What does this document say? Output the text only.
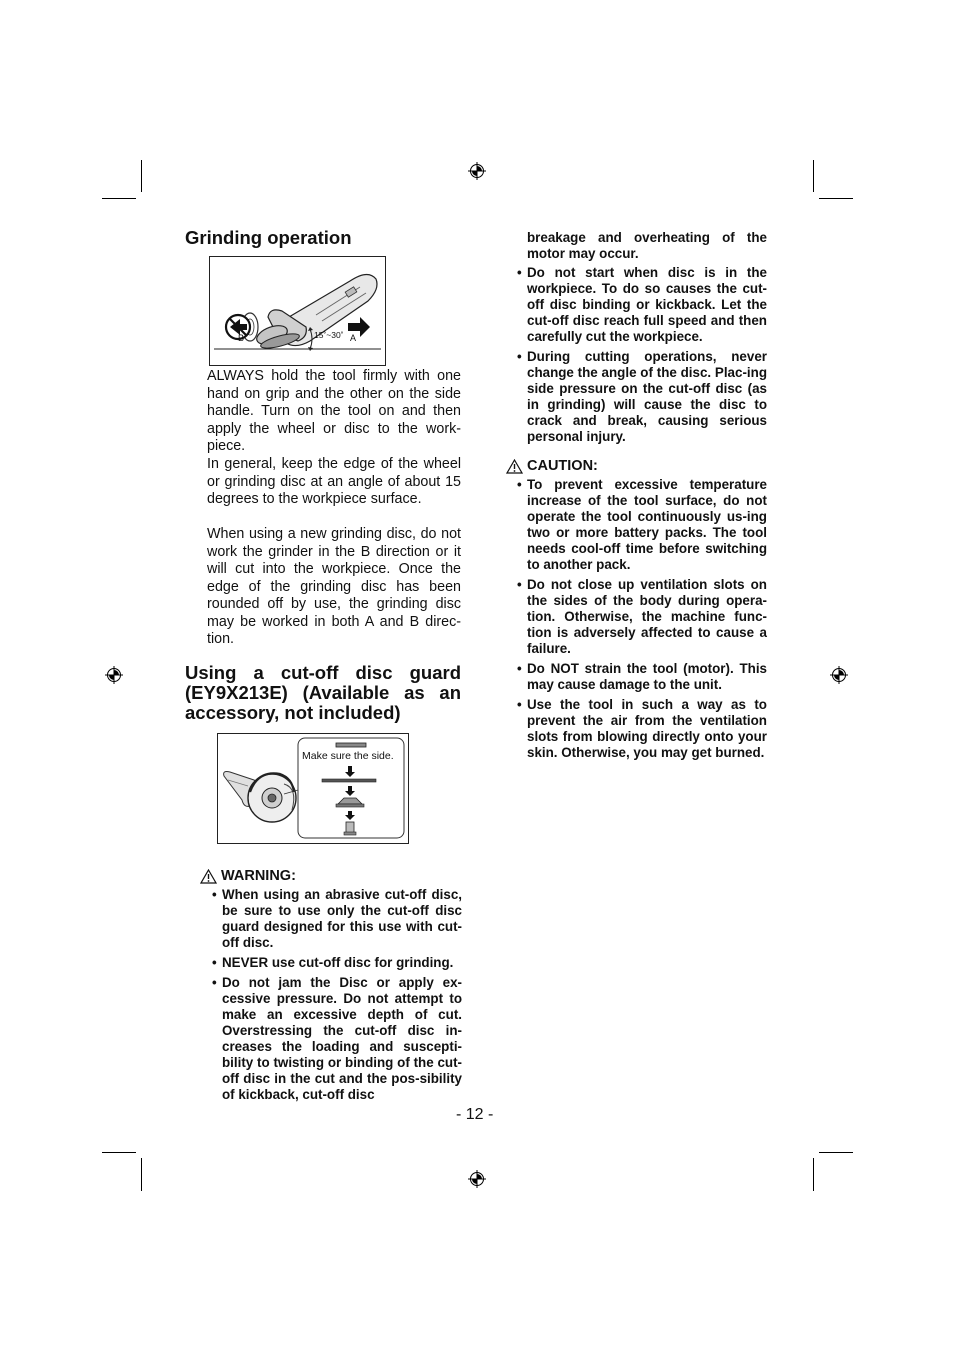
Grinding operation
B	15˚~30˚ A

ALWAYS hold the tool firmly with one hand on grip and the other on the side handle. Turn on the tool on and then apply the wheel or disc to the work-piece.

In general, keep the edge of the wheel or grinding disc at an angle of about 15 degrees to the workpiece surface.

When using a new grinding disc, do not work the grinder in the B direction or it will cut into the workpiece. Once the edge of the grinding disc has been rounded off by use, the grinding disc may be worked in both A and B direc-tion.

Using a cut-off disc guard (EY9X213E) (Available as an accessory, not included)
Make sure the side.
WARNING:
• When using an abrasive cut-off disc, be sure to use only the cut-off disc guard designed for this use with cut-off disc.
• NEVER use cut-off disc for grinding.
• Do not jam the Disc or apply ex-cessive pressure. Do not attempt to make an excessive depth of cut. Overstressing the cut-off disc in-creases the loading and suscepti-bility to twisting or binding of the cut-off disc in the cut and the pos-sibility of kickback, cut-off disc

breakage and overheating of the motor may occur.

• Do not start when disc is in the workpiece. To do so causes the cut-off disc binding or kickback. Let the cut-off disc reach full speed and then carefully cut the workpiece.
• During cutting operations, never change the angle of the disc. Plac-ing side pressure on the cut-off disc (as in grinding) will cause the disc to crack and break, causing serious personal injury.
CAUTION:
• To prevent excessive temperature increase of the tool surface, do not operate the tool continuously us-ing two or more battery packs. The tool needs cool-off time before switching to another pack.
• Do not close up ventilation slots on the sides of the body during opera-tion. Otherwise, the machine func-tion is adversely affected to cause a failure.
• Do NOT strain the tool (motor). This may cause damage to the unit.
• Use the tool in such a way as to prevent the air from the ventilation slots from blowing directly onto your skin. Otherwise, you may get burned.
- 12 -
